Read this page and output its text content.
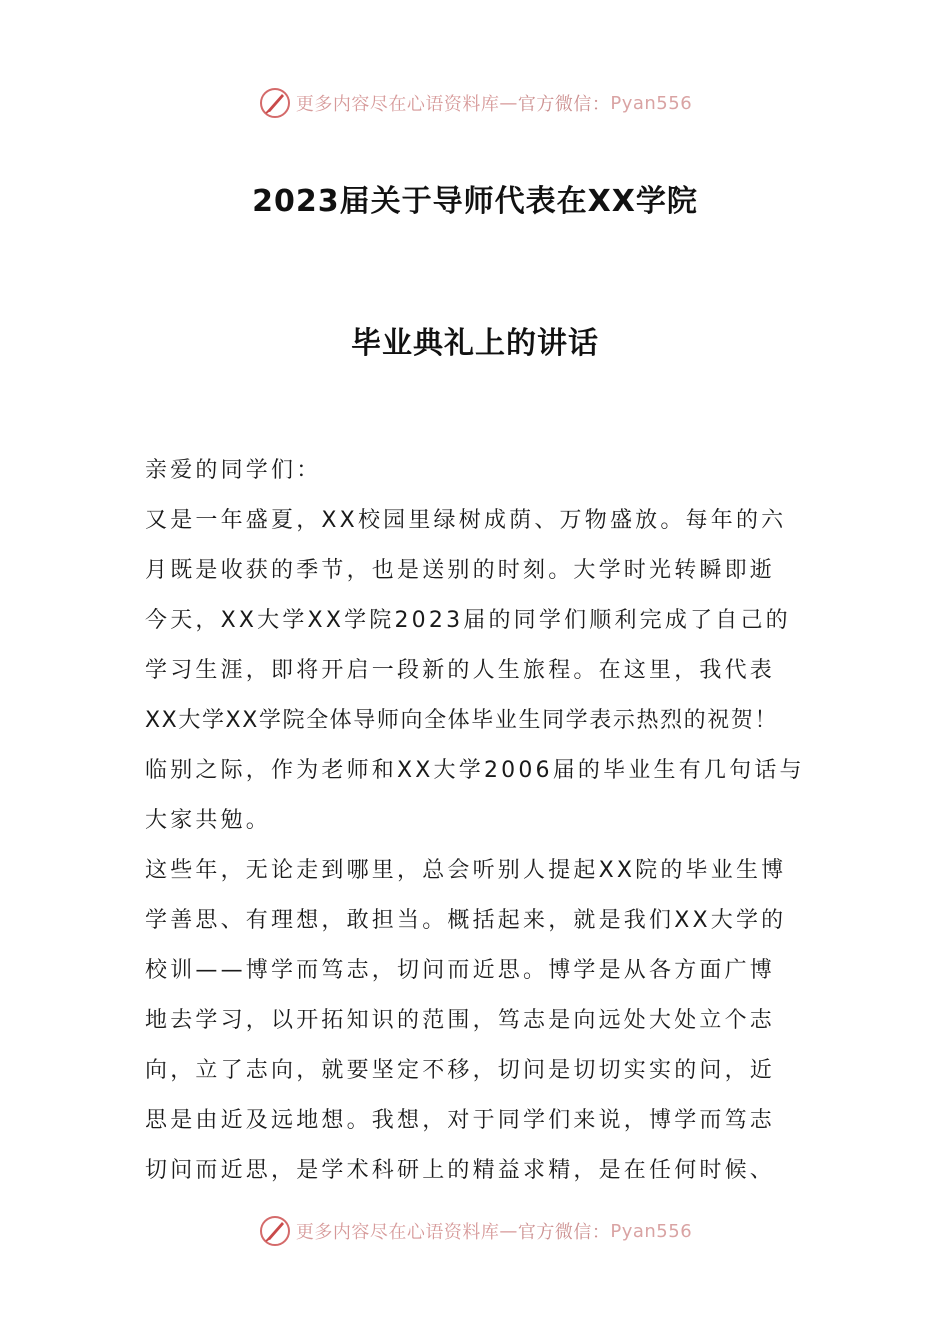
更多内容尽在心语资料库 — 官方微信： Pyan556
2023届关于导师代表在XX学院
毕业典礼上的讲话
亲爱的同学们：
又是一年盛夏，XX校园里绿树成荫、万物盛放。每年的六
月既是收获的季节，也是送别的时刻。大学时光转瞬即逝
今天，XX大学XX学院2023届的同学们顺利完成了自己的
学习生涯，即将开启一段新的人生旅程。在这里，我代表
XX大学XX学院全体导师向全体毕业生同学表示热烈的祝贺！
临别之际，作为老师和XX大学2006届的毕业生有几句话与
大家共勉。
这些年，无论走到哪里，总会听别人提起XX院的毕业生博
学善思、有理想，敢担当。概括起来，就是我们XX大学的
校训——博学而笃志，切问而近思。博学是从各方面广博
地去学习，以开拓知识的范围，笃志是向远处大处立个志
向，立了志向，就要坚定不移，切问是切切实实的问，近
思是由近及远地想。我想，对于同学们来说，博学而笃志
切问而近思，是学术科研上的精益求精，是在任何时候、
更多内容尽在心语资料库 — 官方微信： Pyan556
